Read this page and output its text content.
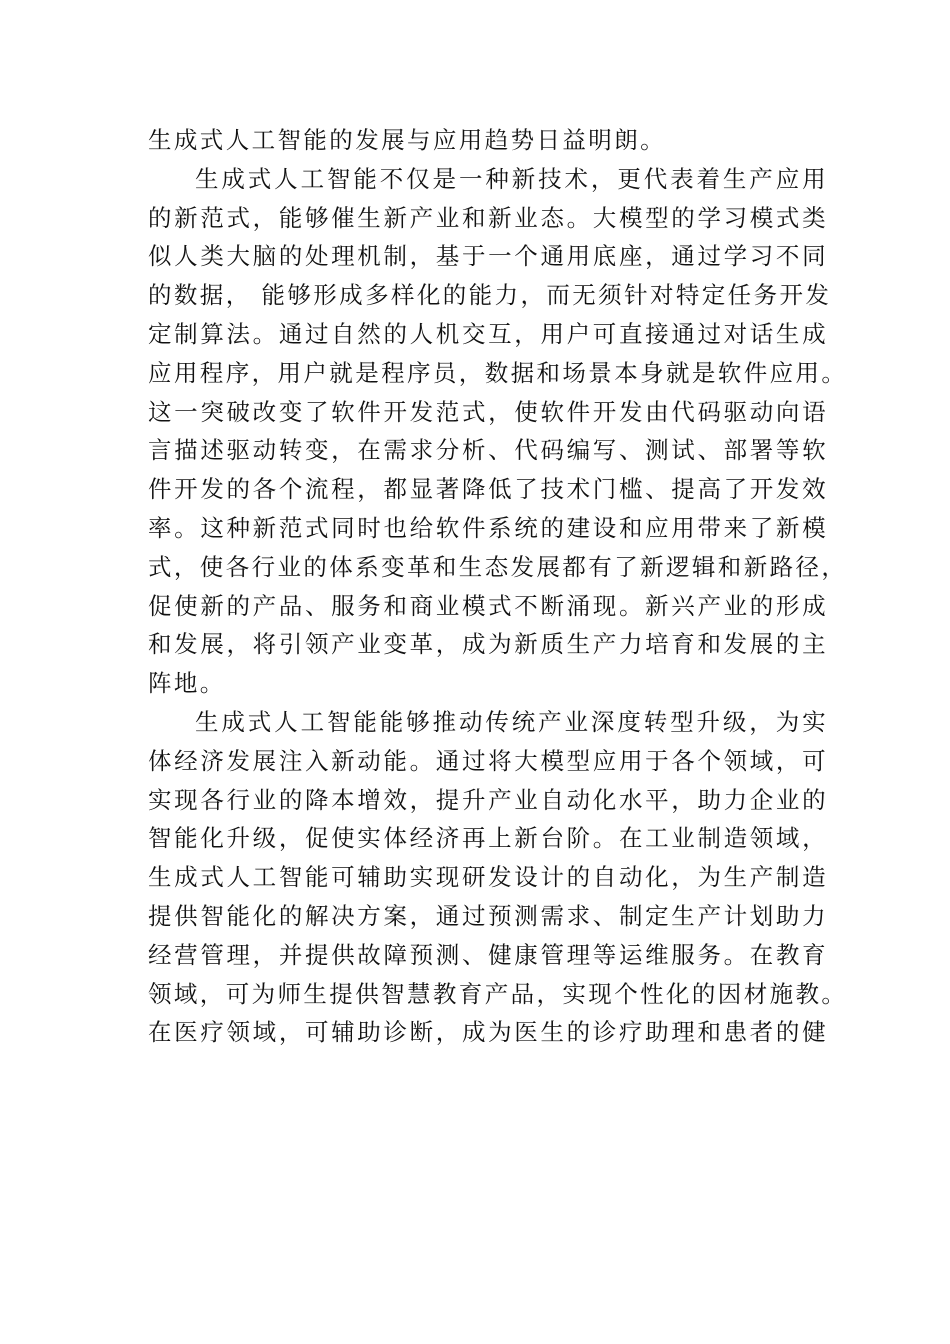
生成式人工智能的发展与应用趋势日益明朗。

生成式人工智能不仅是一种新技术，更代表着生产应用
的新范式，能够催生新产业和新业态。大模型的学习模式类
似人类大脑的处理机制，基于一个通用底座，通过学习不同
的数据， 能够形成多样化的能力，而无须针对特定任务开发
定制算法。通过自然的人机交互，用户可直接通过对话生成
应用程序，用户就是程序员，数据和场景本身就是软件应用。
这一突破改变了软件开发范式，使软件开发由代码驱动向语
言描述驱动转变，在需求分析、代码编写、测试、部署等软
件开发的各个流程，都显著降低了技术门槛、提高了开发效
率。这种新范式同时也给软件系统的建设和应用带来了新模
式，使各行业的体系变革和生态发展都有了新逻辑和新路径，
促使新的产品、服务和商业模式不断涌现。新兴产业的形成
和发展，将引领产业变革，成为新质生产力培育和发展的主
阵地。

生成式人工智能能够推动传统产业深度转型升级，为实
体经济发展注入新动能。通过将大模型应用于各个领域，可
实现各行业的降本增效，提升产业自动化水平，助力企业的
智能化升级，促使实体经济再上新台阶。在工业制造领域，
生成式人工智能可辅助实现研发设计的自动化，为生产制造
提供智能化的解决方案，通过预测需求、制定生产计划助力
经营管理，并提供故障预测、健康管理等运维服务。在教育
领域，可为师生提供智慧教育产品，实现个性化的因材施教。
在医疗领域，可辅助诊断，成为医生的诊疗助理和患者的健
